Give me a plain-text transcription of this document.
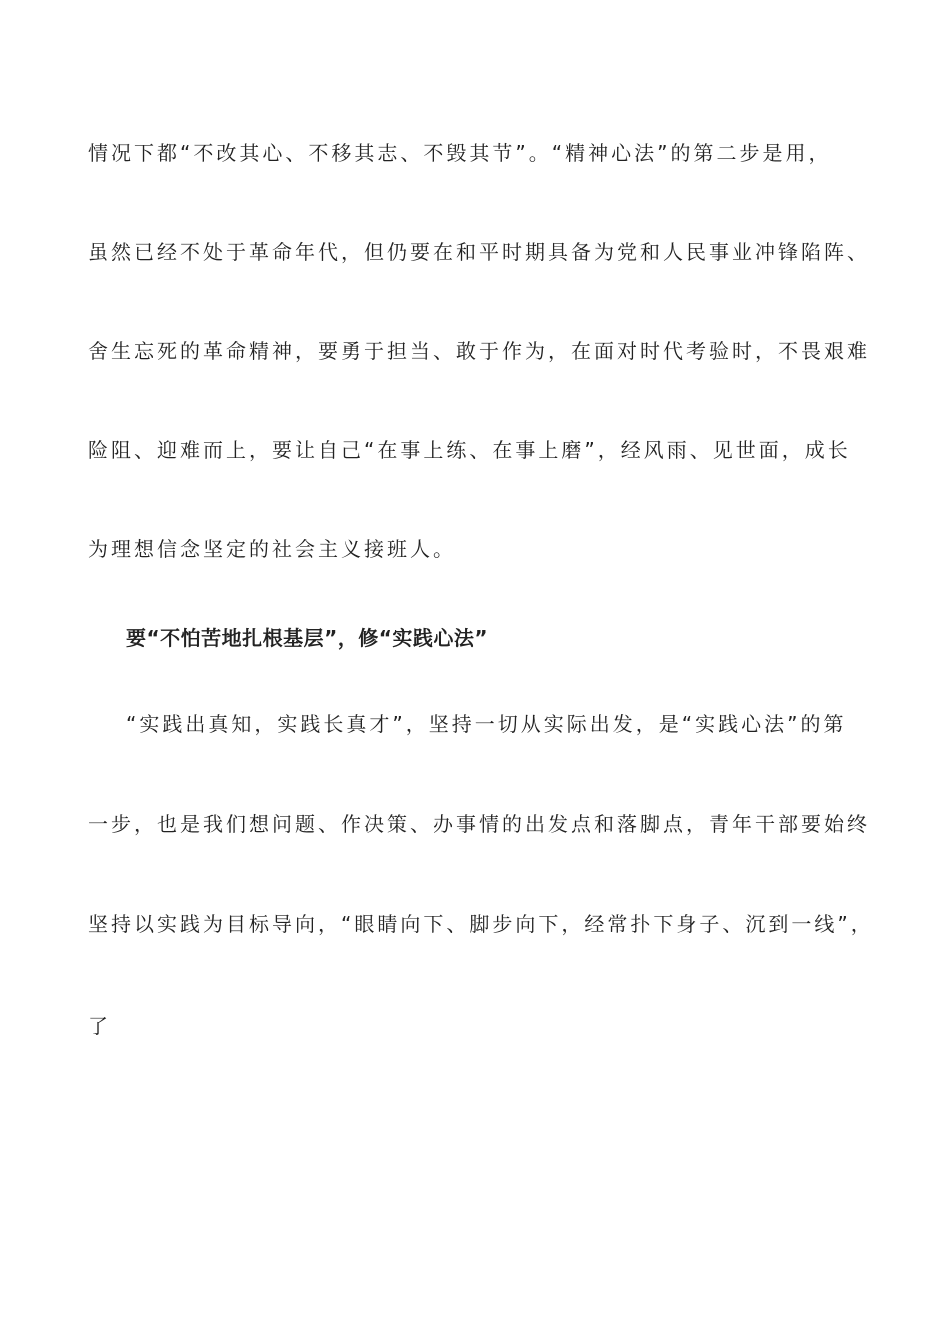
情况下都“不改其心、不移其志、不毁其节”。“精神心法”的第二步是用，
虽然已经不处于革命年代，但仍要在和平时期具备为党和人民事业冲锋陷阵、
舍生忘死的革命精神，要勇于担当、敢于作为，在面对时代考验时，不畏艰难
险阻、迎难而上，要让自己“在事上练、在事上磨”，经风雨、见世面，成长
为理想信念坚定的社会主义接班人。
要“不怕苦地扎根基层”，修“实践心法”
“实践出真知，实践长真才”，坚持一切从实际出发，是“实践心法”的第
一步，也是我们想问题、作决策、办事情的出发点和落脚点，青年干部要始终
坚持以实践为目标导向，“眼睛向下、脚步向下，经常扑下身子、沉到一线”，
了
